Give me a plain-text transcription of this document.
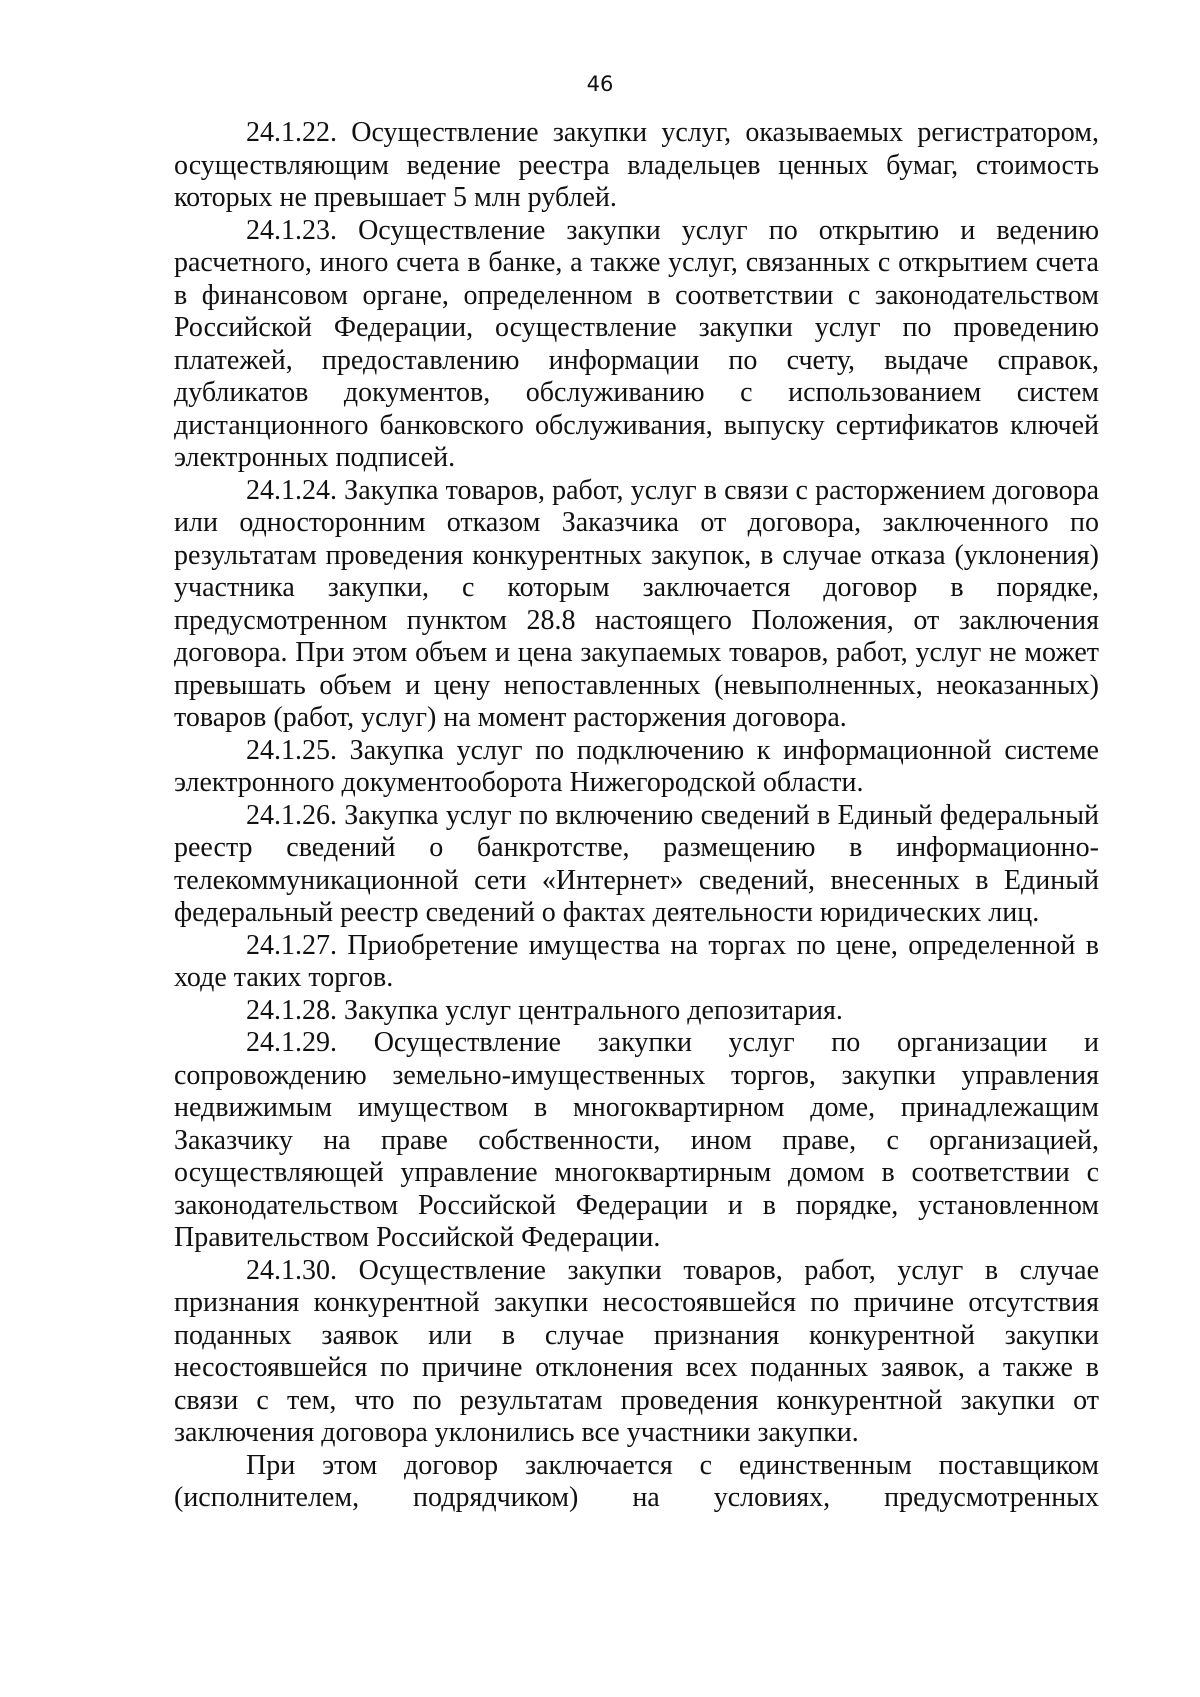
46

24.1.22. Осуществление закупки услуг, оказываемых регистратором, осуществляющим ведение реестра владельцев ценных бумаг, стоимость которых не превышает 5 млн рублей.

24.1.23. Осуществление закупки услуг по открытию и ведению расчетного, иного счета в банке, а также услуг, связанных с открытием счета в финансовом органе, определенном в соответствии с законодательством Российской Федерации, осуществление закупки услуг по проведению платежей, предоставлению информации по счету, выдаче справок, дубликатов документов, обслуживанию с использованием систем дистанционного банковского обслуживания, выпуску сертификатов ключей электронных подписей.

24.1.24. Закупка товаров, работ, услуг в связи с расторжением договора или односторонним отказом Заказчика от договора, заключенного по результатам проведения конкурентных закупок, в случае отказа (уклонения) участника закупки, с которым заключается договор в порядке, предусмотренном пунктом 28.8 настоящего Положения, от заключения договора. При этом объем и цена закупаемых товаров, работ, услуг не может превышать объем и цену непоставленных (невыполненных, неоказанных) товаров (работ, услуг) на момент расторжения договора.

24.1.25. Закупка услуг по подключению к информационной системе электронного документооборота Нижегородской области.

24.1.26. Закупка услуг по включению сведений в Единый федеральный реестр сведений о банкротстве, размещению в информационно-телекоммуникационной сети «Интернет» сведений, внесенных в Единый федеральный реестр сведений о фактах деятельности юридических лиц.

24.1.27. Приобретение имущества на торгах по цене, определенной в ходе таких торгов.

24.1.28. Закупка услуг центрального депозитария.

24.1.29. Осуществление закупки услуг по организации и сопровождению земельно-имущественных торгов, закупки управления недвижимым имуществом в многоквартирном доме, принадлежащим Заказчику на праве собственности, ином праве, с организацией, осуществляющей управление многоквартирным домом в соответствии с законодательством Российской Федерации и в порядке, установленном Правительством Российской Федерации.

24.1.30. Осуществление закупки товаров, работ, услуг в случае признания конкурентной закупки несостоявшейся по причине отсутствия поданных заявок или в случае признания конкурентной закупки несостоявшейся по причине отклонения всех поданных заявок, а также в связи с тем, что по результатам проведения конкурентной закупки от заключения договора уклонились все участники закупки.

При этом договор заключается с единственным поставщиком (исполнителем, подрядчиком) на условиях, предусмотренных
